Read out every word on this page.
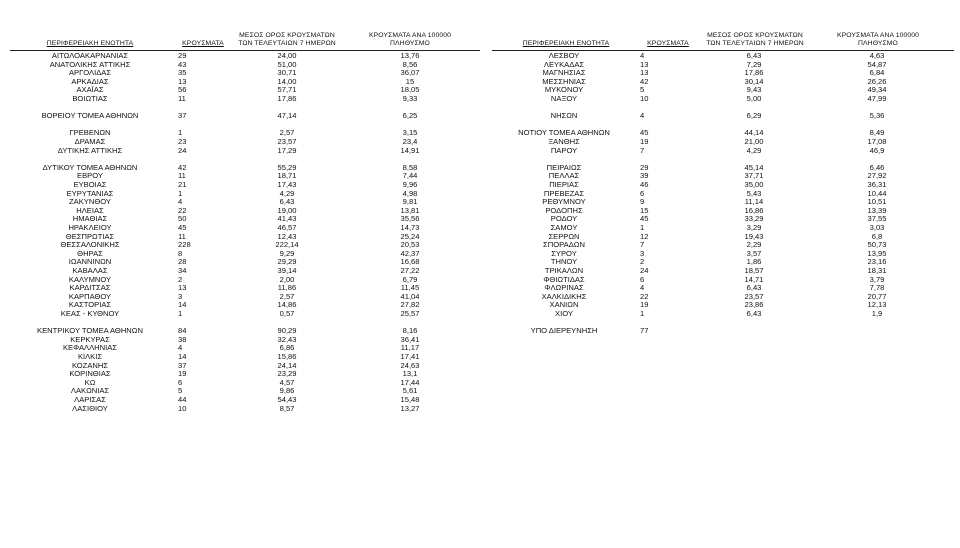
ΠΕΡΙΦΕΡΕΙΑΚΗ ΕΝΟΤΗΤΑ	ΚΡΟΥΣΜΑΤΑ
ΜΕΣΟΣ ΟΡΟΣ ΚΡΟΥΣΜΑΤΩΝ
ΤΩΝ ΤΕΛΕΥΤΑΙΩΝ 7 ΗΜΕΡΩΝ
ΚΡΟΥΣΜΑΤΑ ΑΝΑ 100000
ΠΛΗΘΥΣΜΟ
ΑΙΤΩΛΟΑΚΑΡΝΑΝΙΑΣ	29	24,00	13,76
ΑΝΑΤΟΛΙΚΗΣ ΑΤΤΙΚΗΣ	43	51,00	8,56
ΑΡΓΟΛΙΔΑΣ	35	30,71	36,07
ΑΡΚΑΔΙΑΣ	13	14,00	15
ΑΧΑΪΑΣ	56	57,71	18,05
ΒΟΙΩΤΙΑΣ	11	17,86	9,33
ΒΟΡΕΙΟΥ ΤΟΜΕΑ ΑΘΗΝΩΝ	37	47,14	6,25
ΓΡΕΒΕΝΩΝ	1	2,57	3,15
ΔΡΑΜΑΣ	23	23,57	23,4
ΔΥΤΙΚΗΣ ΑΤΤΙΚΗΣ	24	17,29	14,91
ΔΥΤΙΚΟΥ ΤΟΜΕΑ ΑΘΗΝΩΝ	42	55,29	8,58
ΕΒΡΟΥ	11	18,71	7,44
ΕΥΒΟΙΑΣ	21	17,43	9,96
ΕΥΡΥΤΑΝΙΑΣ	1	4,29	4,98
ΖΑΚΥΝΘΟΥ	4	6,43	9,81
ΗΛΕΙΑΣ	22	19,00	13,81
ΗΜΑΘΙΑΣ	50	41,43	35,56
ΗΡΑΚΛΕΙΟΥ	45	46,57	14,73
ΘΕΣΠΡΩΤΙΑΣ	11	12,43	25,24
ΘΕΣΣΑΛΟΝΙΚΗΣ	228	222,14	20,53
ΘΗΡΑΣ	8	9,29	42,37
ΙΩΑΝΝΙΝΩΝ	28	29,29	16,68
ΚΑΒΑΛΑΣ	34	39,14	27,22
ΚΑΛΥΜΝΟΥ	2	2,00	6,79
ΚΑΡΔΙΤΣΑΣ	13	11,86	11,45
ΚΑΡΠΑΘΟΥ	3	2,57	41,04
ΚΑΣΤΟΡΙΑΣ	14	14,86	27,82
ΚΕΑΣ - ΚΥΘΝΟΥ	1	0,57	25,57
ΚΕΝΤΡΙΚΟΥ ΤΟΜΕΑ ΑΘΗΝΩΝ	84	90,29	8,16
ΚΕΡΚΥΡΑΣ	38	32,43	36,41
ΚΕΦΑΛΛΗΝΙΑΣ	4	6,86	11,17
ΚΙΛΚΙΣ	14	15,86	17,41
ΚΟΖΑΝΗΣ	37	24,14	24,63
ΚΟΡΙΝΘΙΑΣ	19	23,29	13,1
ΚΩ	6	4,57	17,44
ΛΑΚΩΝΙΑΣ	5	9,86	5,61
ΛΑΡΙΣΑΣ	44	54,43	15,48
ΛΑΣΙΘΙΟΥ	10	8,57	13,27
ΠΕΡΙΦΕΡΕΙΑΚΗ ΕΝΟΤΗΤΑ	ΚΡΟΥΣΜΑΤΑ
ΜΕΣΟΣ ΟΡΟΣ ΚΡΟΥΣΜΑΤΩΝ
ΤΩΝ ΤΕΛΕΥΤΑΙΩΝ 7 ΗΜΕΡΩΝ
ΚΡΟΥΣΜΑΤΑ ΑΝΑ 100000
ΠΛΗΘΥΣΜΟ
ΛΕΣΒΟΥ	4	6,43	4,63
ΛΕΥΚΑΔΑΣ	13	7,29	54,87
ΜΑΓΝΗΣΙΑΣ	13	17,86	6,84
ΜΕΣΣΗΝΙΑΣ	42	30,14	26,26
ΜΥΚΟΝΟΥ	5	9,43	49,34
ΝΑΞΟΥ	10	5,00	47,99
ΝΗΣΩΝ	4	6,29	5,36
ΝΟΤΙΟΥ ΤΟΜΕΑ ΑΘΗΝΩΝ	45	44,14	8,49
ΞΑΝΘΗΣ	19	21,00	17,08
ΠΑΡΟΥ	7	4,29	46,9
ΠΕΙΡΑΙΩΣ	29	45,14	6,46
ΠΕΛΛΑΣ	39	37,71	27,92
ΠΙΕΡΙΑΣ	46	35,00	36,31
ΠΡΕΒΕΖΑΣ	6	5,43	10,44
ΡΕΘΥΜΝΟΥ	9	11,14	10,51
ΡΟΔΟΠΗΣ	15	16,86	13,39
ΡΟΔΟΥ	45	33,29	37,55
ΣΑΜΟΥ	1	3,29	3,03
ΣΕΡΡΩΝ	12	19,43	6,8
ΣΠΟΡΑΔΩΝ	7	2,29	50,73
ΣΥΡΟΥ	3	3,57	13,95
ΤΗΝΟΥ	2	1,86	23,16
ΤΡΙΚΑΛΩΝ	24	18,57	18,31
ΦΘΙΩΤΙΔΑΣ	6	14,71	3,79
ΦΛΩΡΙΝΑΣ	4	6,43	7,78
ΧΑΛΚΙΔΙΚΗΣ	22	23,57	20,77
ΧΑΝΙΩΝ	19	23,86	12,13
ΧΙΟΥ	1	6,43	1,9
ΥΠΟ ΔΙΕΡΕΥΝΗΣΗ	77
